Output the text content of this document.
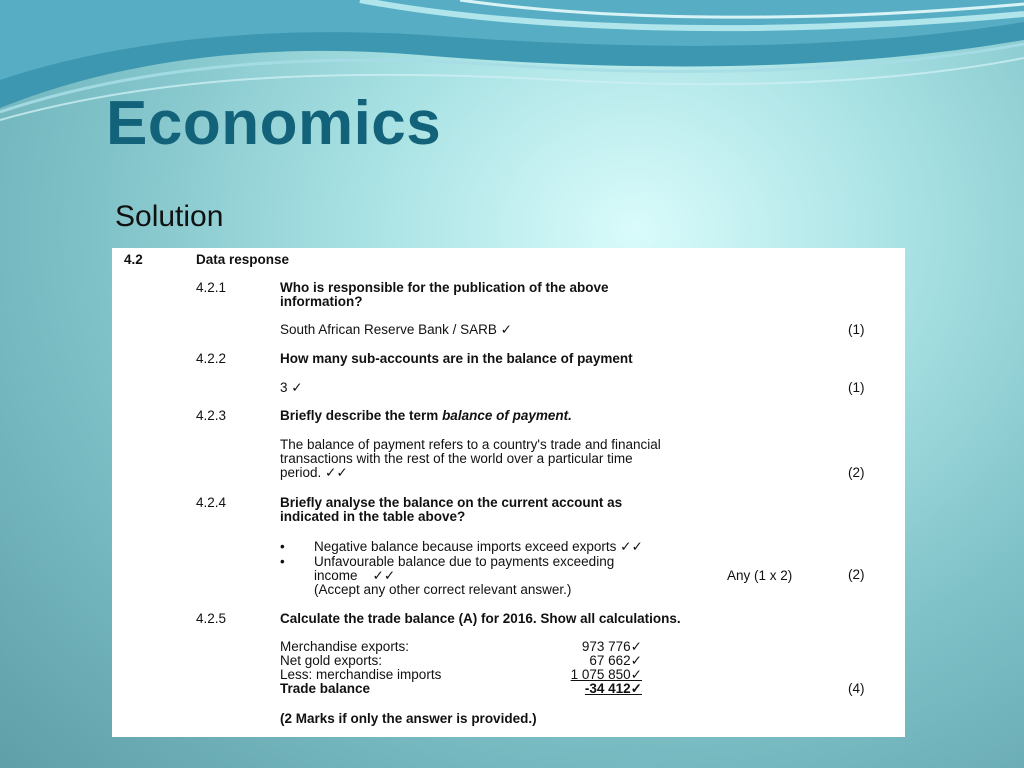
Economics
Solution
4.2	Data response
4.2.1	Who is responsible for the publication of the above
information?
South African Reserve Bank / SARB ✓	(1)
4.2.2	How many sub-accounts are in the balance of payment
3 ✓	(1)
4.2.3	Briefly describe the term balance of payment.
The balance of payment refers to a country's trade and financial
transactions with the rest of the world over a particular time
period. ✓✓	(2)
4.2.4	Briefly analyse the balance on the current account as
indicated in the table above?
• Negative balance because imports exceed exports ✓✓
• Unfavourable balance due to payments exceeding
income    ✓✓	Any (1 x 2)	(2)
(Accept any other correct relevant answer.)
4.2.5	Calculate the trade balance (A) for 2016. Show all calculations.
Merchandise exports:	973 776✓
Net gold exports:	67 662✓
Less: merchandise imports	1 075 850✓
Trade balance	-34 412✓	(4)
(2 Marks if only the answer is provided.)
